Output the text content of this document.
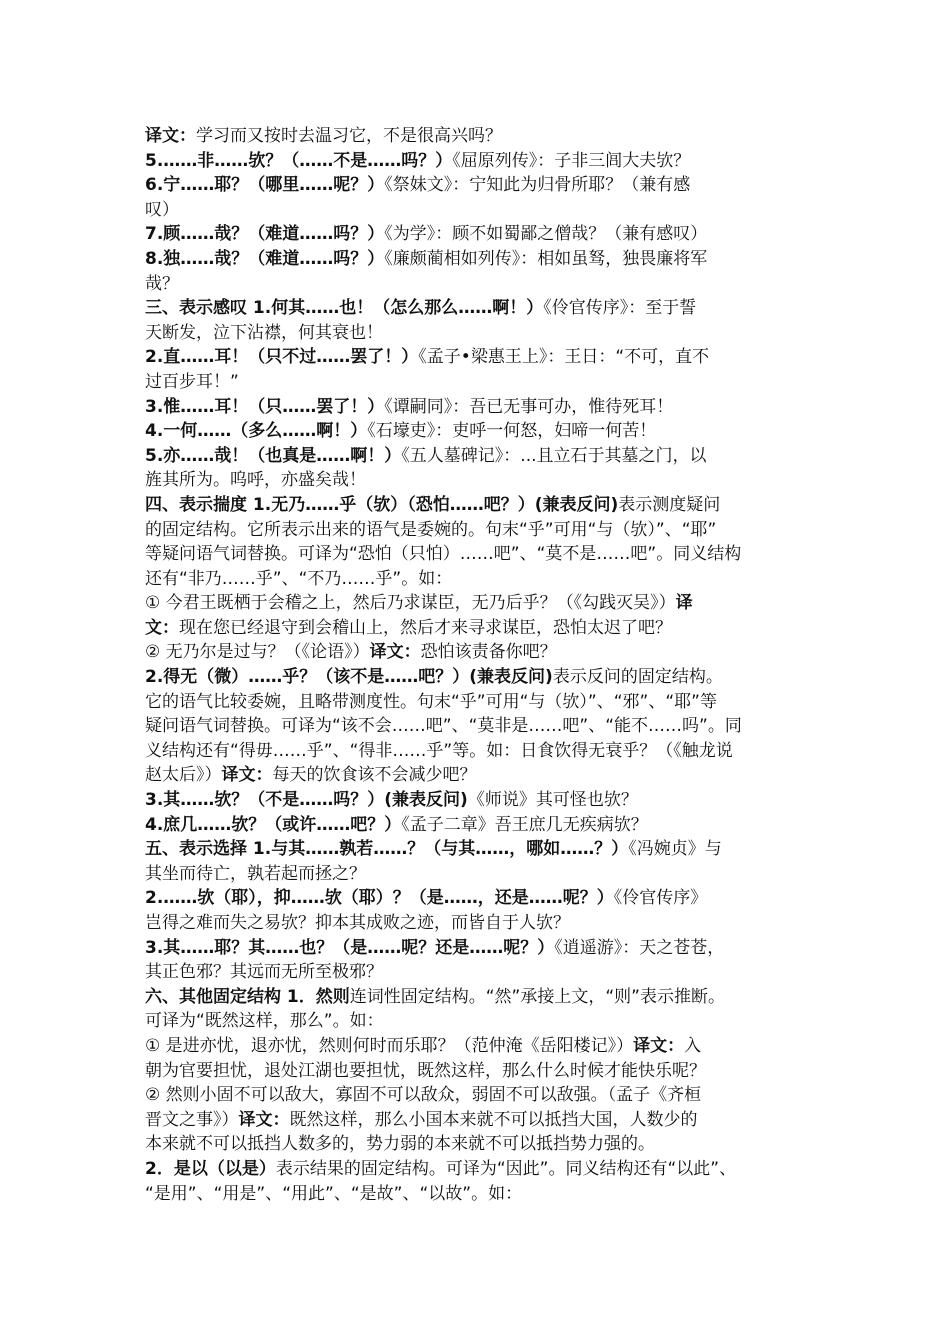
译文：学习而又按时去温习它，不是很高兴吗？
5.……非……欤？（……不是……吗？）《屈原列传》：子非三闾大夫欤？
6.宁……耶？（哪里……呢？）《祭妹文》：宁知此为归骨所耶？（兼有感
叹）
7.顾……哉？（难道……吗？）《为学》：顾不如蜀鄙之僧哉？（兼有感叹）
8.独……哉？（难道……吗？）《廉颇蔺相如列传》：相如虽驽，独畏廉将军
哉？
三、表示感叹 1.何其……也！（怎么那么……啊！）《伶官传序》：至于誓
天断发，泣下沾襟，何其衰也！
2.直……耳！（只不过……罢了！）《孟子•梁惠王上》：王日：“不可，直不
过百步耳！”
3.惟……耳！（只……罢了！）《谭嗣同》：吾已无事可办，惟待死耳！
4.一何……（多么……啊！）《石壕吏》：吏呼一何怒，妇啼一何苦！
5.亦……哉！（也真是……啊！）《五人墓碑记》：...且立石于其墓之门，以
旌其所为。呜呼，亦盛矣哉！
四、表示揣度 1.无乃……乎（欤）（恐怕……吧？）(兼表反问)表示测度疑问
的固定结构。它所表示出来的语气是委婉的。句末“乎”可用“与（欤）”、“耶”
等疑问语气词替换。可译为“恐怕（只怕）……吧”、“莫不是……吧”。同义结构
还有“非乃……乎”、“不乃……乎”。如：
① 今君王既栖于会稽之上，然后乃求谋臣，无乃后乎？（《勾践灭吴》）译
文：现在您已经退守到会稽山上，然后才来寻求谋臣，恐怕太迟了吧？
② 无乃尔是过与？（《论语》）译文：恐怕该责备你吧？
2.得无（微）……乎？（该不是……吧？）(兼表反问)表示反问的固定结构。
它的语气比较委婉，且略带测度性。句末“乎”可用“与（欤）”、“邪”、“耶”等
疑问语气词替换。可译为“该不会……吧”、“莫非是……吧”、“能不……吗”。同
义结构还有“得毋……乎”、“得非……乎”等。如：日食饮得无衰乎？（《触龙说
赵太后》）译文：每天的饮食该不会减少吧？
3.其……欤？（不是……吗？）(兼表反问)《师说》其可怪也欤？
4.庶几……欤？（或许……吧？）《孟子二章》吾王庶几无疾病欤？
五、表示选择 1.与其……孰若……？（与其……，哪如……？）《冯婉贞》与
其坐而待亡，孰若起而拯之？
2.……欤（耶），抑……欤（耶）？（是……，还是……呢？）《伶官传序》
岂得之难而失之易欤？抑本其成败之迹，而皆自于人欤？
3.其……耶？其……也？（是……呢？还是……呢？）《逍遥游》：天之苍苍，
其正色邪？其远而无所至极邪？
六、其他固定结构 1．然则连词性固定结构。“然”承接上文，“则”表示推断。
可译为“既然这样，那么”。如：
① 是进亦忧，退亦忧，然则何时而乐耶？（范仲淹《岳阳楼记》）译文：入
朝为官要担忧，退处江湖也要担忧，既然这样，那么什么时候才能快乐呢？
② 然则小固不可以敌大，寡固不可以敌众，弱固不可以敌强。（孟子《齐桓
晋文之事》）译文：既然这样，那么小国本来就不可以抵挡大国，人数少的
本来就不可以抵挡人数多的，势力弱的本来就不可以抵挡势力强的。
2．是以（以是）表示结果的固定结构。可译为“因此”。同义结构还有“以此”、
“是用”、“用是”、“用此”、“是故”、“以故”。如：
